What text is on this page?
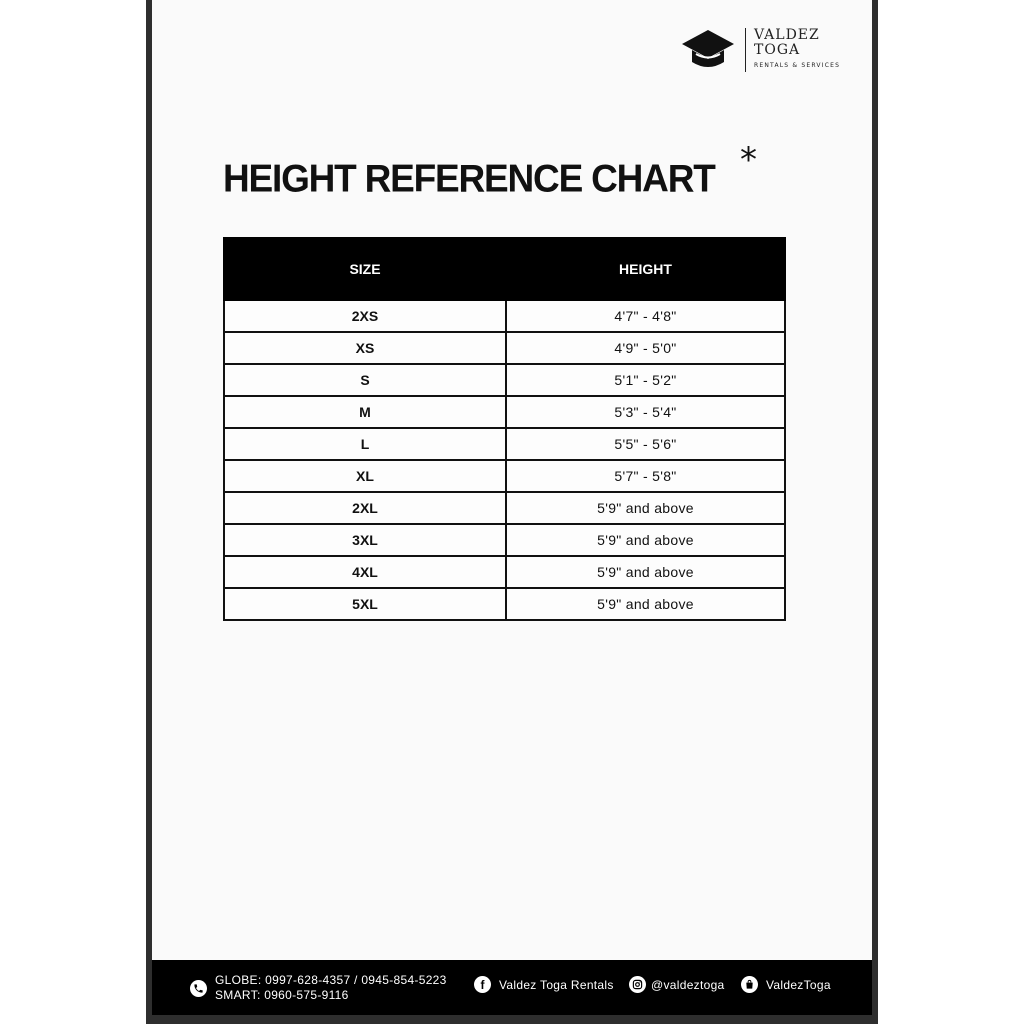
VALDEZ
TOGA
RENTALS & SERVICES
HEIGHT REFERENCE CHART *
SIZE	HEIGHT
2XS	4'7" - 4'8"
XS	4'9" - 5'0"
S	5'1" - 5'2"
M	5'3" - 5'4"
L	5'5" - 5'6"
XL	5'7" - 5'8"
2XL	5'9" and above
3XL	5'9" and above
4XL	5'9" and above
5XL	5'9" and above
GLOBE: 0997-628-4357 / 0945-854-5223
SMART: 0960-575-9116
f Valdez Toga Rentals	@valdeztoga	ValdezToga
